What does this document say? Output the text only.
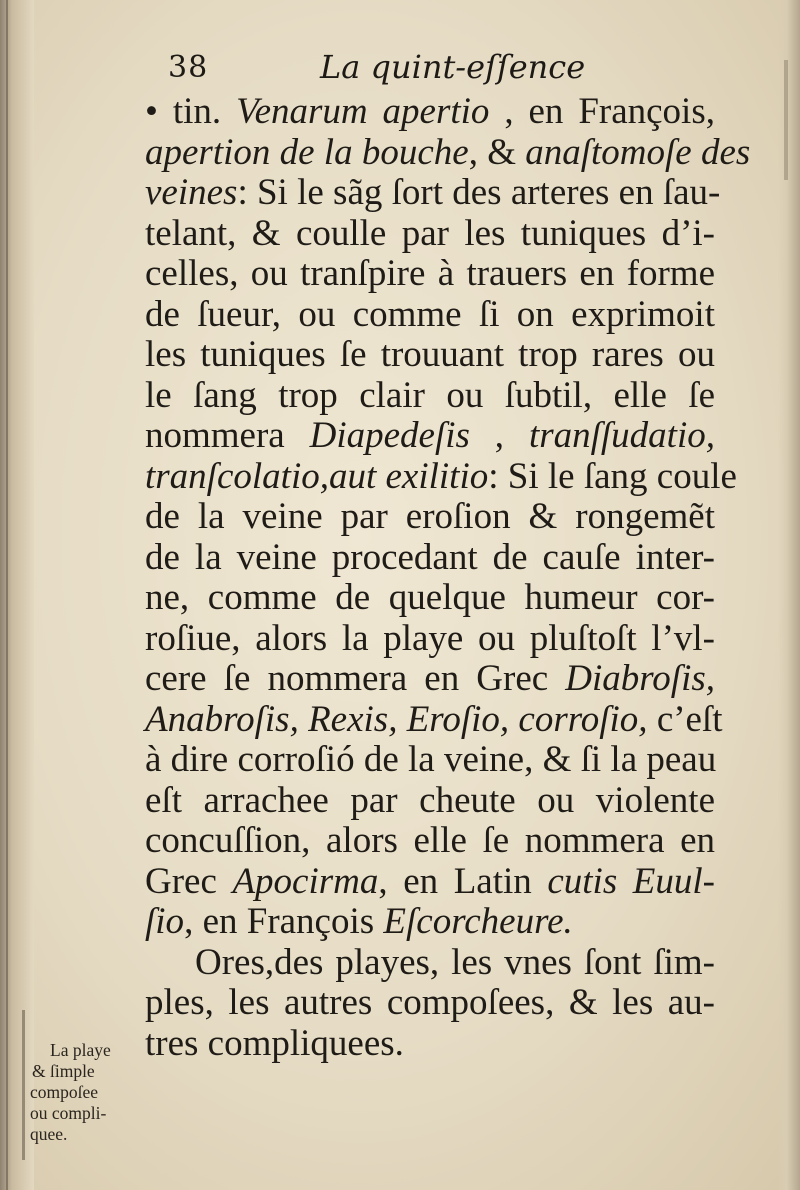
38	La quint-eſſence
• tin. Venarum apertio , en François,
apertion de la bouche, & anaſtomoſe des
veines: Si le sãg ſort des arteres en ſau-
telant, & coulle par les tuniques d’i-
celles, ou tranſpire à trauers en forme
de ſueur, ou comme ſi on exprimoit
les tuniques ſe trouuant trop rares ou
le ſang trop clair ou ſubtil, elle ſe
nommera Diapedeſis , tranſſudatio,
tranſcolatio,aut exilitio: Si le ſang coule
de la veine par eroſion & rongemẽt
de la veine procedant de cauſe inter-
ne, comme de quelque humeur cor-
roſiue, alors la playe ou pluſtoſt l’vl-
cere ſe nommera en Grec Diabroſis,
Anabroſis, Rexis, Eroſio, corroſio, c’eſt
à dire corroſió de la veine, & ſi la peau
eſt arrachee par cheute ou violente
concuſſion, alors elle ſe nommera en
Grec Apocirma, en Latin cutis Euul-
ſio, en François Eſcorcheure.
Ores,des playes, les vnes ſont ſim-
ples, les autres compoſees, & les au-
tres compliquees.
La playe
& ſimple
compoſee
ou compli-
quee.
